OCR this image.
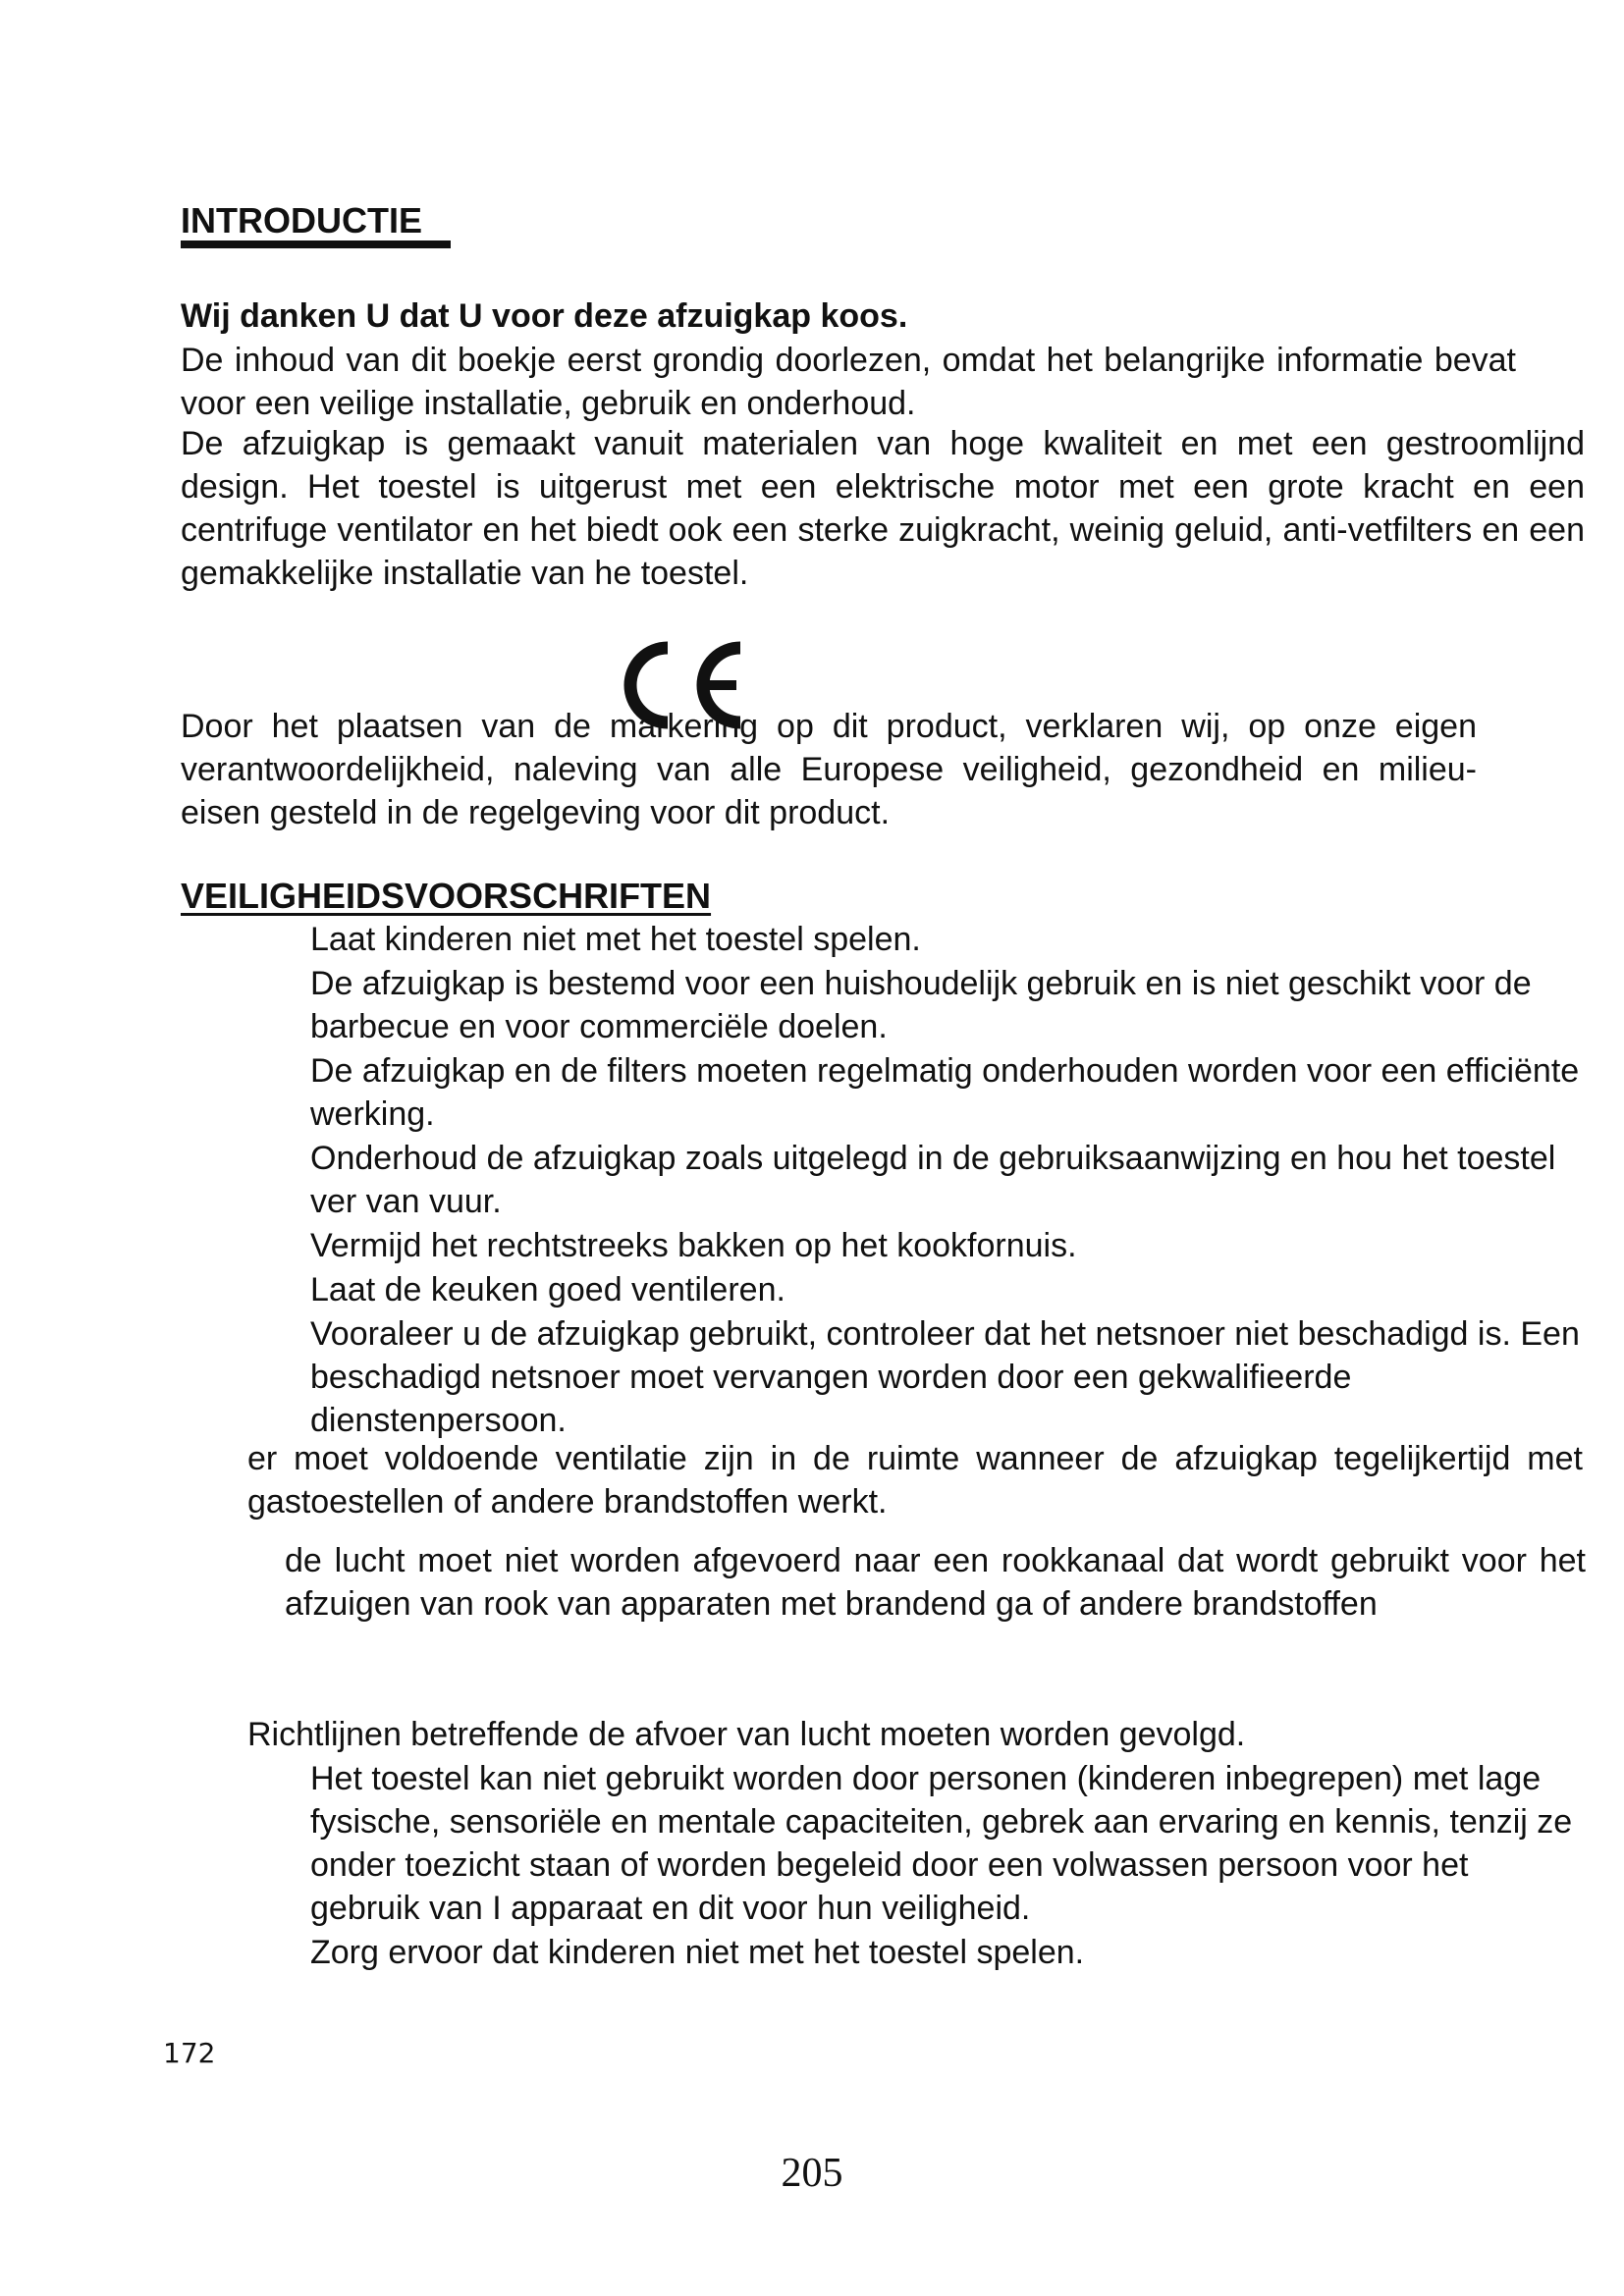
INTRODUCTIE
Wij danken U dat U voor deze afzuigkap koos.
De inhoud van dit boekje eerst grondig doorlezen, omdat het belangrijke informatie bevat voor een veilige installatie, gebruik en onderhoud.
De afzuigkap is gemaakt vanuit materialen van hoge kwaliteit en met een gestroomlijnd design. Het toestel is uitgerust met een elektrische motor met een grote kracht en een centrifuge ventilator en het biedt ook een sterke zuigkracht, weinig geluid, anti-vetfilters en een gemakkelijke installatie van he toestel.
Door het plaatsen van de markering op dit product, verklaren wij, op onze eigen verantwoordelijkheid, naleving van alle Europese veiligheid, gezondheid en milieu-eisen gesteld in de regelgeving voor dit product.
VEILIGHEIDSVOORSCHRIFTEN
Laat kinderen niet met het toestel spelen.
De afzuigkap is bestemd voor een huishoudelijk gebruik en is niet geschikt voor de barbecue en voor commerciële doelen.
De afzuigkap en de filters moeten regelmatig onderhouden worden voor een efficiënte werking.
Onderhoud de afzuigkap zoals uitgelegd in de gebruiksaanwijzing en hou het toestel ver van vuur.
Vermijd het rechtstreeks bakken op het kookfornuis.
Laat de keuken goed ventileren.
Vooraleer u de afzuigkap gebruikt, controleer dat het netsnoer niet beschadigd is. Een beschadigd netsnoer moet vervangen worden door een gekwalifieerde dienstenpersoon.
er moet voldoende ventilatie zijn in de ruimte wanneer de afzuigkap tegelijkertijd met gastoestellen of andere brandstoffen werkt.
de lucht moet niet worden afgevoerd naar een rookkanaal dat wordt gebruikt voor het afzuigen van rook van apparaten met brandend ga of andere brandstoffen
Richtlijnen betreffende de afvoer van lucht moeten worden gevolgd.
Het toestel kan niet gebruikt worden door personen (kinderen inbegrepen) met lage fysische, sensoriële en mentale capaciteiten, gebrek aan ervaring en kennis, tenzij ze onder toezicht staan of worden begeleid door een volwassen persoon voor het gebruik van I apparaat en dit voor hun veiligheid.
Zorg ervoor dat kinderen niet met het toestel spelen.
172
205
